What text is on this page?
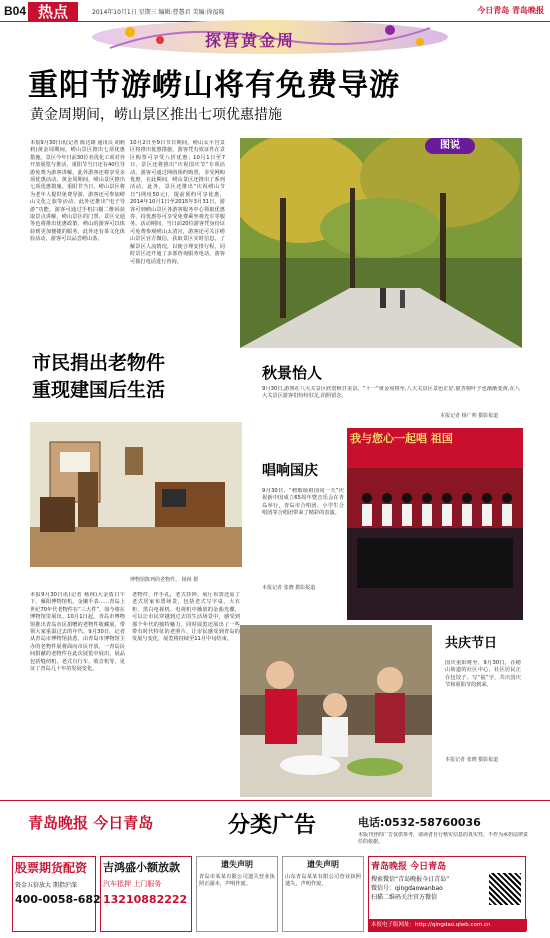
B04 热点	2014年10月1日 星期三 编辑:曹慧君 美编:徐福隆	今日青岛 青岛晚报
探营黄金周
重阳节游崂山将有免费导游
黄金周期间，崂山景区推出七项优惠措施
本报9月30日讯(记者 陈达雄 通讯员 胡莉莉)黄金周期间，崂山景区推出七项优惠措施。景区今年日前30位名优化工项对外开放展览与推活，重阳节当日还有40位导游免费为游客讲解，此外游客还将享受多项优惠活动。黄金周期间，崂山景区推出七项优惠措施。重阳节当日，崂山景区将为老年人提供免费导游，游客还可参加崂山文化之旅等活动，此外还推出“电子导游”功能，游客可通过手机扫描二维码获取景点讲解，崂山景区的门票、景区交通等也将推出优惠政策，崂山的游客可以体验到更加便捷的服务，此外还有茶文化体验活动，游客可以品尝崂山茶。
10月2日至9日节日期间，崂山太平宫景区将推出优惠措施，游客凭有效证件在景区购票可享受八折优惠；10月1日至7日，景区还将推出“庆祝国庆节”专项活动，游客可通过网络预约购票，享受网购优惠，在此期间，崂山景区还推出了系列活动。此外，景区还推出“庆祝崂山节日”(网址50元)，提前预约可享优惠，2014年10月1日至2015年3月31日，游客可到崂山景区各游客服务中心领取优惠券，持优惠券可享受免费乘坐观光车等服务。活动期间，当日前20位游客凭身份证可免费参观崂山太清宫，游客还可关注崂山景区官方微信，获取景区实时信息，了解景区人流情况，以便合理安排行程，同时景区还开通了多部咨询服务电话，游客可拨打电话进行咨询。
图说
秋景怡人
9月30日,游客在八大关景区欣赏秋日美景。“十一”黄金周将至,八大关景区景色正好,银杏树叶子也渐渐变黄,在八大关景区游客们纷纷驻足,拍照留念。
本报记者 杨广帅 摄影报道
市民捐出老物件
重现建国后生活
博物馆陈列的老物件。 杨林 摄
本报9月30日讯(记者 杨林)大金盾日午下，雁阳博物馆机，金镶手表……青岛上世纪70年代老物件在“三大件”，如今将在博物馆里展出。10月1日起，青岛市博物馆推出青岛市民捐赠的老物件收藏展，带领大家重温过去的年代。9月30日，记者从青岛市博物馆获悉，由青岛市博物馆主办的老物件展将面向市民开放，一青岛民间捐献的老物件在此次展览中展出，展品包括缝纫机、老式自行车、收音机等，见证了青岛几十年的发展变化。
老物件，伴手礼，老式挂钟。展厅布置还原了老式居家布置场景，包括老式写字桌、大衣柜、黑白电视机、电视机中播放的金曲光碟，可以让市民穿越到过去的生活场景中，感受到那个年代的独特魅力。同时展览还展出了一些带有时代特征的老照片，让市民感受到青岛的发展与变化，展览将持续至11月中旬结束。
我与您心一起唱 祖国
唱响国庆
9月30日，“崂歌颂祖国同一天”庆祝新中国成立65周年暨音乐会在青岛举行，青岛市合唱团、小学生合唱团等合唱团带来了精彩的表演。
本报记者 张晓 摄影报道
共庆节日
国庆重阳将至，9月30日，在崂山街道的社区中心，社区居民正在包饺子、写“福”字，共庆国庆节和重阳节的到来。
本报记者 张晓 摄影报道
青岛晚报 今日青岛	分类广告	电话:0532-58760036
本版刊登的广告仅供参考，请读者自行核实信息的真实性，不作为承担法律责任的依据。
股票期货配资
资金五倍放大 期指沪深
400-0058-682
吉鸿盛小额放款
汽车抵押 上门服务
13210882222
遗失声明
青岛市某某有限公司遗失营业执照正副本，声明作废。
遗失声明
山东青岛某某有限公司营业执照遗失，声明作废。
青岛晚报 今日青岛
搜索微信“青岛晚报今日青岛”
微信号：qingdaowanbao
扫描二维码关注官方微信
本报电子版网址：http://qingdao.qlwb.com.cn
